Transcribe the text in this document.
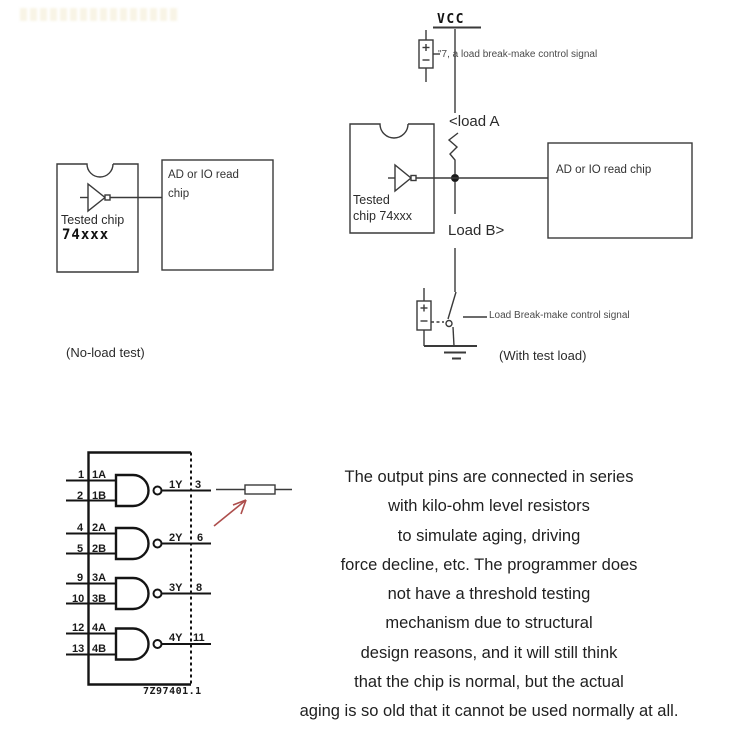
Tested chip
74xxx
AD or IO read
chip
(No-load test)
VCC
"7, a load break-make control signal
<load A
Load B>
Tested
chip 74xxx
AD or IO read chip
Load Break-make control signal
(With test load)
1 1A
2 1B
1Y 3
4 2A
5 2B
2Y 6
9 3A
10 3B
3Y 8
12 4A
13 4B
4Y 11
7Z97401.1
The output pins are connected in series
with kilo-ohm level resistors
to simulate aging, driving
force decline, etc. The programmer does
not have a threshold testing
mechanism due to structural
design reasons, and it will still think
that the chip is normal, but the actual
aging is so old that it cannot be used normally at all.
